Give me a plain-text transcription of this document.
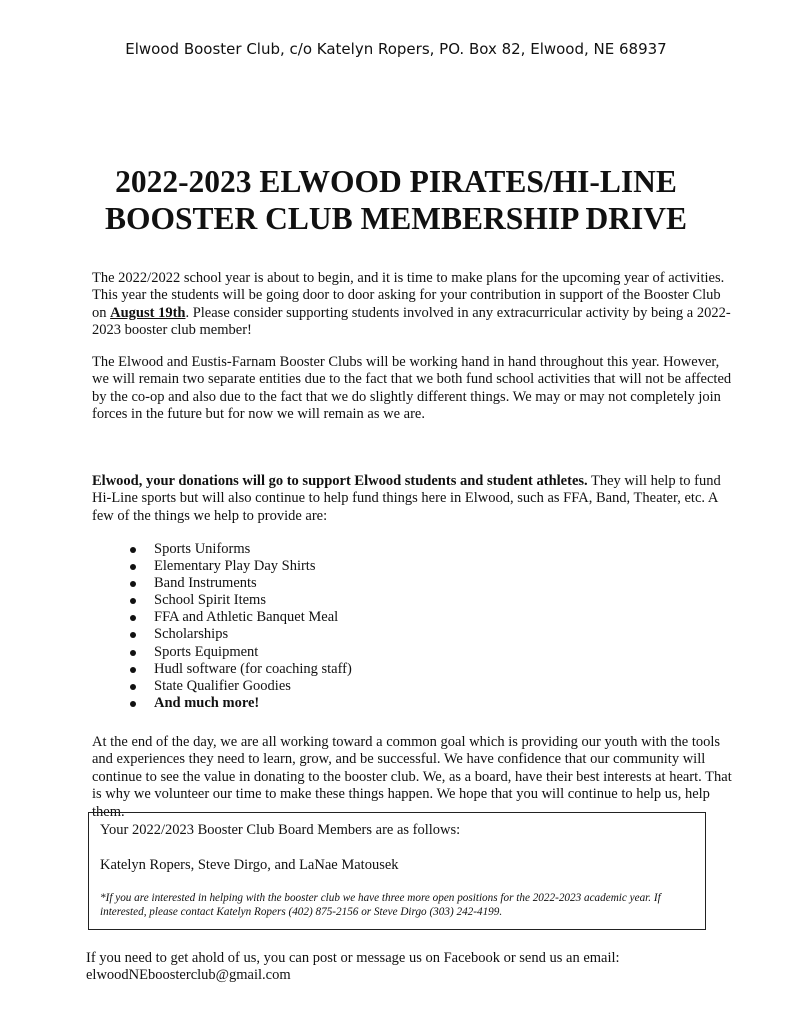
Elwood Booster Club, c/o Katelyn Ropers, PO. Box 82, Elwood, NE 68937
2022-2023 ELWOOD PIRATES/HI-LINE
BOOSTER CLUB MEMBERSHIP DRIVE

The 2022/2022 school year is about to begin, and it is time to make plans for the upcoming year of activities. This year the students will be going door to door asking for your contribution in support of the Booster Club on August 19th. Please consider supporting students involved in any extracurricular activity by being a 2022-2023 booster club member!

The Elwood and Eustis-Farnam Booster Clubs will be working hand in hand throughout this year. However, we will remain two separate entities due to the fact that we both fund school activities that will not be affected by the co-op and also due to the fact that we do slightly different things. We may or may not completely join forces in the future but for now we will remain as we are.

Elwood, your donations will go to support Elwood students and student athletes. They will help to fund Hi-Line sports but will also continue to help fund things here in Elwood, such as FFA, Band, Theater, etc. A few of the things we help to provide are:

Sports Uniforms
Elementary Play Day Shirts
Band Instruments
School Spirit Items
FFA and Athletic Banquet Meal
Scholarships
Sports Equipment
Hudl software (for coaching staff)
State Qualifier Goodies
And much more!

At the end of the day, we are all working toward a common goal which is providing our youth with the tools and experiences they need to learn, grow, and be successful. We have confidence that our community will continue to see the value in donating to the booster club. We, as a board, have their best interests at heart. That is why we volunteer our time to make these things happen. We hope that you will continue to help us, help them.

Your 2022/2023 Booster Club Board Members are as follows:

Katelyn Ropers, Steve Dirgo, and LaNae Matousek

*If you are interested in helping with the booster club we have three more open positions for the 2022-2023 academic year. If interested, please contact Katelyn Ropers (402) 875-2156 or Steve Dirgo (303) 242-4199.

If you need to get ahold of us, you can post or message us on Facebook or send us an email: elwoodNEboosterclub@gmail.com
